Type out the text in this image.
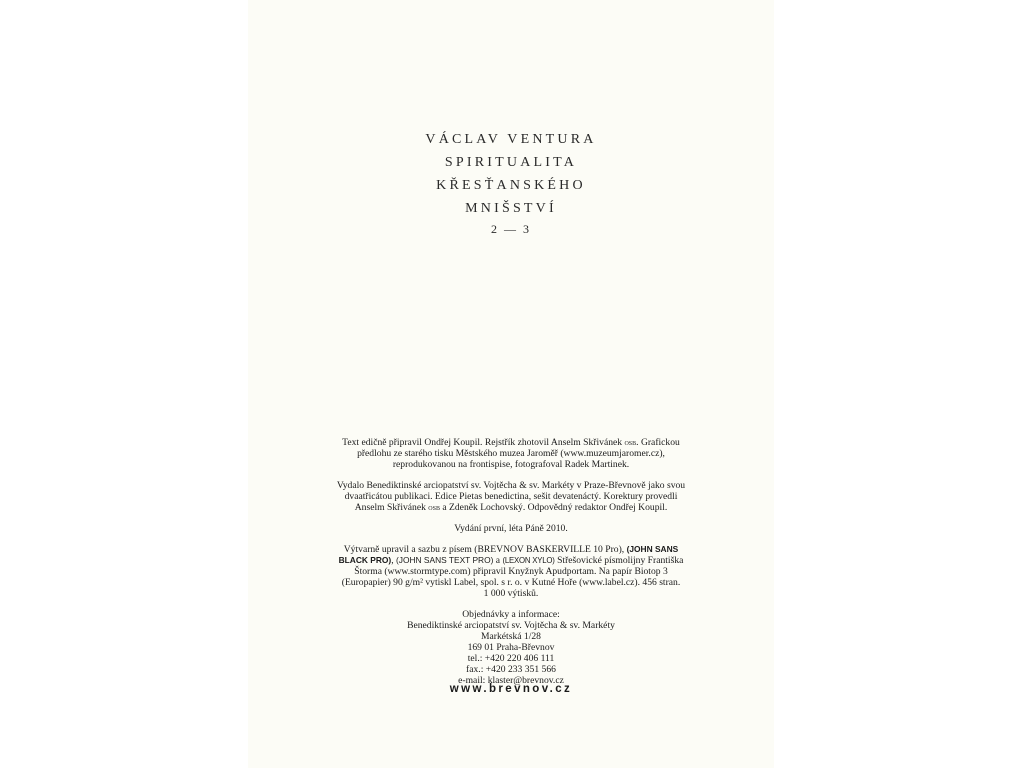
VÁCLAV VENTURA
SPIRITUALITA
KŘESŤANSKÉHO
MNIŠSTVÍ
2 — 3
Text edičně připravil Ondřej Koupil. Rejstřík zhotovil Anselm Skřivánek osb. Grafickou
předlohu ze starého tisku Městského muzea Jaroměř (www.muzeumjaromer.cz),
reprodukovanou na frontispise, fotografoval Radek Martinek.
Vydalo Benediktinské arciopatství sv. Vojtěcha & sv. Markéty v Praze-Břevnově jako svou
dvaatřicátou publikaci. Edice Pietas benedictina, sešit devatenáctý. Korektury provedli
Anselm Skřivánek osb a Zdeněk Lochovský. Odpovědný redaktor Ondřej Koupil.
Vydání první, léta Páně 2010.
Výtvarně upravil a sazbu z písem (BREVNOV BASKERVILLE 10 Pro), (JOHN SANS
BLACK PRO), (JOHN SANS TEXT PRO) a (LEXON XYLO) Střešovické písmolijny Františka
Štorma (www.stormtype.com) připravil Knyžnyk Apudportam. Na papír Biotop 3
(Europapier) 90 g/m² vytiskl Label, spol. s r. o. v Kutné Hoře (www.label.cz). 456 stran.
1 000 výtisků.
Objednávky a informace:
Benediktinské arciopatství sv. Vojtěcha & sv. Markéty
Markétská 1/28
169 01 Praha-Břevnov
tel.: +420 220 406 111
fax.: +420 233 351 566
e-mail: klaster@brevnov.cz
www.brevnov.cz
